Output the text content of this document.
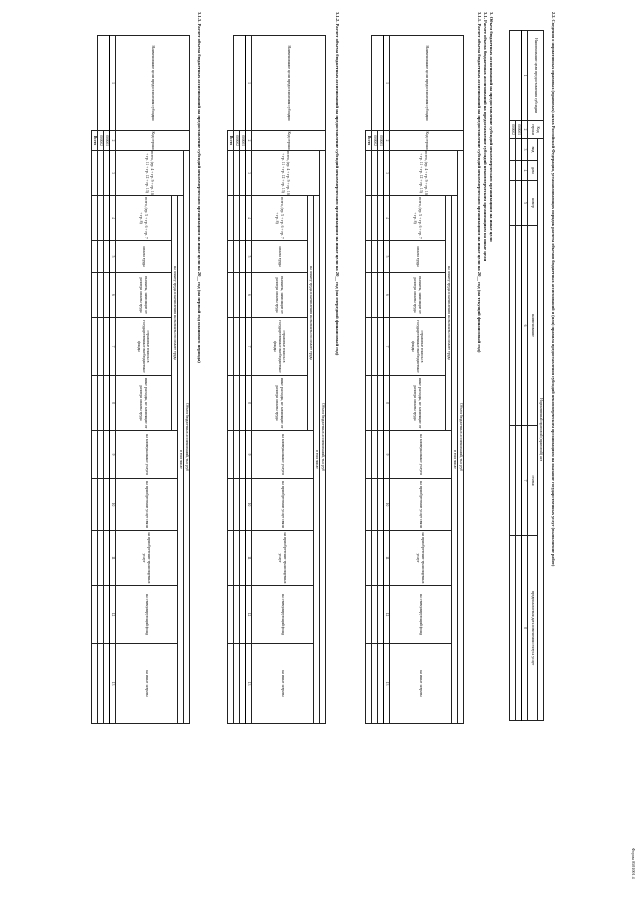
Форма 0501001 4
2.2. Сведения о нормативных правовых (правовых) актах Российской Федерации, устанавливающих порядок расчета объемов бюджетных ассигнований и (или) правила предоставления субсидий некоммерческим организациям на оказание государственных услуг (выполнение работ)
Наименование цели предоставления субсидии	Код строки	Нормативный правовой (правовой) акт					
		вид	дата	номер	наименование	статья	предполагаемая дата изменения статуса услуг
1	2	3	4	5	6	7	8
	000001						
	000002						
3. Объем бюджетных ассигнований на предоставление субсидий некоммерческим организациям на иные цели
3.1. Расчет объема бюджетных ассигнований на предоставление субсидий некоммерческим организациям на иные цели
3.1.1. Расчет объема бюджетных ассигнований на предоставление субсидий некоммерческим организациям на иные цели на 20__ год (на текущий финансовый год)
Наименование цели предоставления субсидии	Код строки	Объем бюджетных ассигнований, тыс руб										
		всего, (гр. 4 + гр. 9 + гр. 10 + гр. 11 + гр. 12 + гр. 13)	в том числе									
			на оплату труда и начисления на выплаты по оплате труда					на коммунальные услуги	на приобретение услуг связи	на приобретение транспортных услуг	на стимулирующий фонд	на иные затраты
			всего, (гр. 5 + гр. 6 + гр. 7 + гр. 8)	оплата труда	выплаты, зависящие от размера оплаты труда	страховые взносы в государственные внебюджетные фонды	иные расходы, не зависящие от размера оплаты труда					
1	2	3	4	5	6	7	8	9	10	11	12	13
	000001											
	000002											
	Всего											
3.1.2. Расчет объема бюджетных ассигнований на предоставление субсидий некоммерческим организациям на иные цели на 20__ год (на очередной финансовый год)
Наименование цели предоставления субсидии	Код строки	Объем бюджетных ассигнований, тыс руб										
		всего, (гр. 4 + гр. 9 + гр. 10 + гр. 11 + гр. 12 + гр. 13)	в том числе									
			на оплату труда и начисления на выплаты по оплате труда					на коммунальные услуги	на приобретение услуг связи	на приобретение транспортных услуг	на стимулирующий фонд	на иные затраты
			всего, (гр. 5 + гр. 6 + гр. 7 + гр. 8)	оплата труда	выплаты, зависящие от размера оплаты труда	страховые взносы в государственные внебюджетные фонды	иные расходы, не зависящие от размера оплаты труда					
1	2	3	4	5	6	7	8	9	10	11	12	13
	000001											
	000002											
	Всего											
3.1.3. Расчет объема бюджетных ассигнований на предоставление субсидий некоммерческим организациям на иные цели на 20__ год (на первый год планового периода)
Наименование цели предоставления субсидии	Код строки	Объем бюджетных ассигнований, тыс руб										
		всего, (гр. 4 + гр. 9 + гр. 10 + гр. 11 + гр. 12 + гр. 13)	в том числе									
			на оплату труда и начисления на выплаты по оплате труда					на коммунальные услуги	на приобретение услуг связи	на приобретение транспортных услуг	на стимулирующий фонд	на иные затраты
			всего, (гр. 5 + гр. 6 + гр. 7 + гр. 8)	оплата труда	выплаты, зависящие от размера оплаты труда	страховые взносы в государственные внебюджетные фонды	иные расходы, не зависящие от размера оплаты труда					
1	2	3	4	5	6	7	8	9	10	11	12	13
	000001											
	000002											
	Всего											
